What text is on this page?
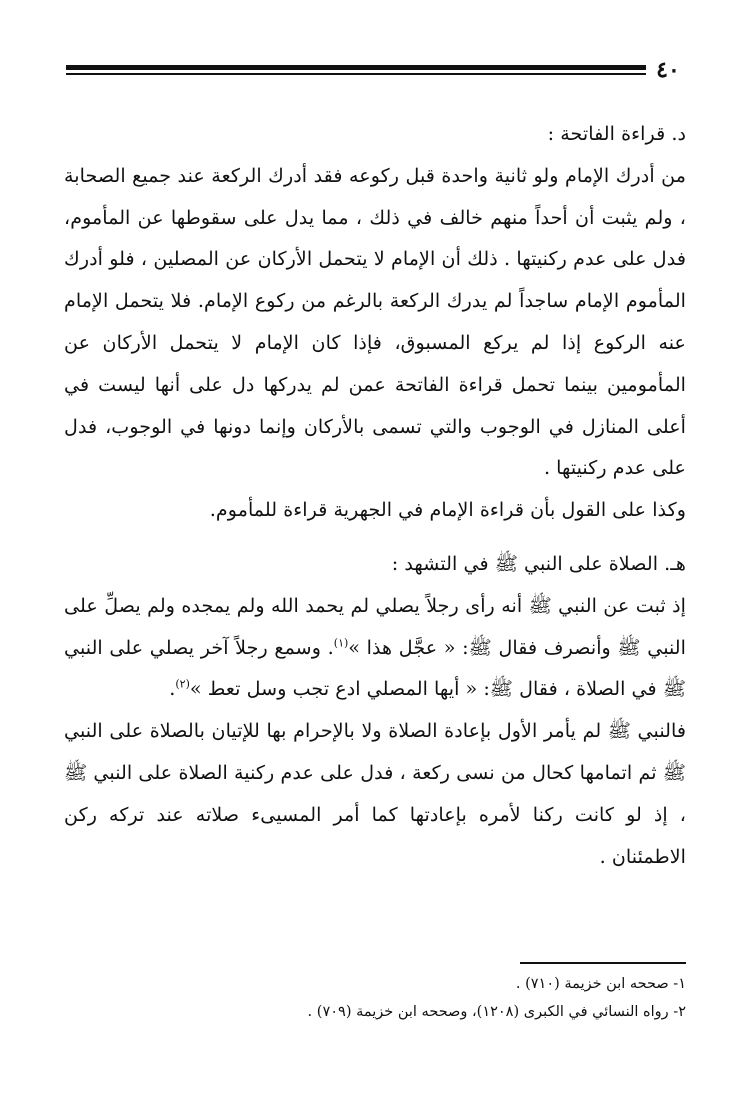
٤٠

د. قراءة الفاتحة :

من أدرك الإمام ولو ثانية واحدة قبل ركوعه فقد أدرك الركعة عند جميع الصحابة ، ولم يثبت أن أحداً منهم خالف في ذلك ، مما يدل على سقوطها عن المأموم، فدل على عدم ركنيتها . ذلك أن الإمام لا يتحمل الأركان عن المصلين ، فلو أدرك المأموم الإمام ساجداً لم يدرك الركعة بالرغم من ركوع الإمام. فلا يتحمل الإمام عنه الركوع إذا لم يركع المسبوق، فإذا كان الإمام لا يتحمل الأركان عن المأمومين بينما تحمل قراءة الفاتحة عمن لم يدركها دل على أنها ليست في أعلى المنازل في الوجوب والتي تسمى بالأركان وإنما دونها في الوجوب، فدل على عدم ركنيتها .

وكذا على القول بأن قراءة الإمام في الجهرية قراءة للمأموم.

هـ. الصلاة على النبي ﷺ في التشهد :

إذ ثبت عن النبي ﷺ أنه رأى رجلاً يصلي لم يحمد الله ولم يمجده ولم يصلِّ على النبي ﷺ وأنصرف فقال ﷺ: « عجَّل هذا »$^{(١)}$. وسمع رجلاً آخر يصلي على النبي ﷺ في الصلاة ، فقال ﷺ: « أيها المصلي ادع تجب وسل تعط »$^{(٢)}$.

فالنبي ﷺ لم يأمر الأول بإعادة الصلاة ولا بالإحرام بها للإتيان بالصلاة على النبي ﷺ ثم اتمامها كحال من نسى ركعة ، فدل على عدم ركنية الصلاة على النبي ﷺ ، إذ لو كانت ركنا لأمره بإعادتها كما أمر المسيىء صلاته عند تركه ركن الاطمئنان .

١- صححه ابن خزيمة (٧١٠) .

٢- رواه النسائي في الكبرى (١٢٠٨)، وصححه ابن خزيمة (٧٠٩) .
